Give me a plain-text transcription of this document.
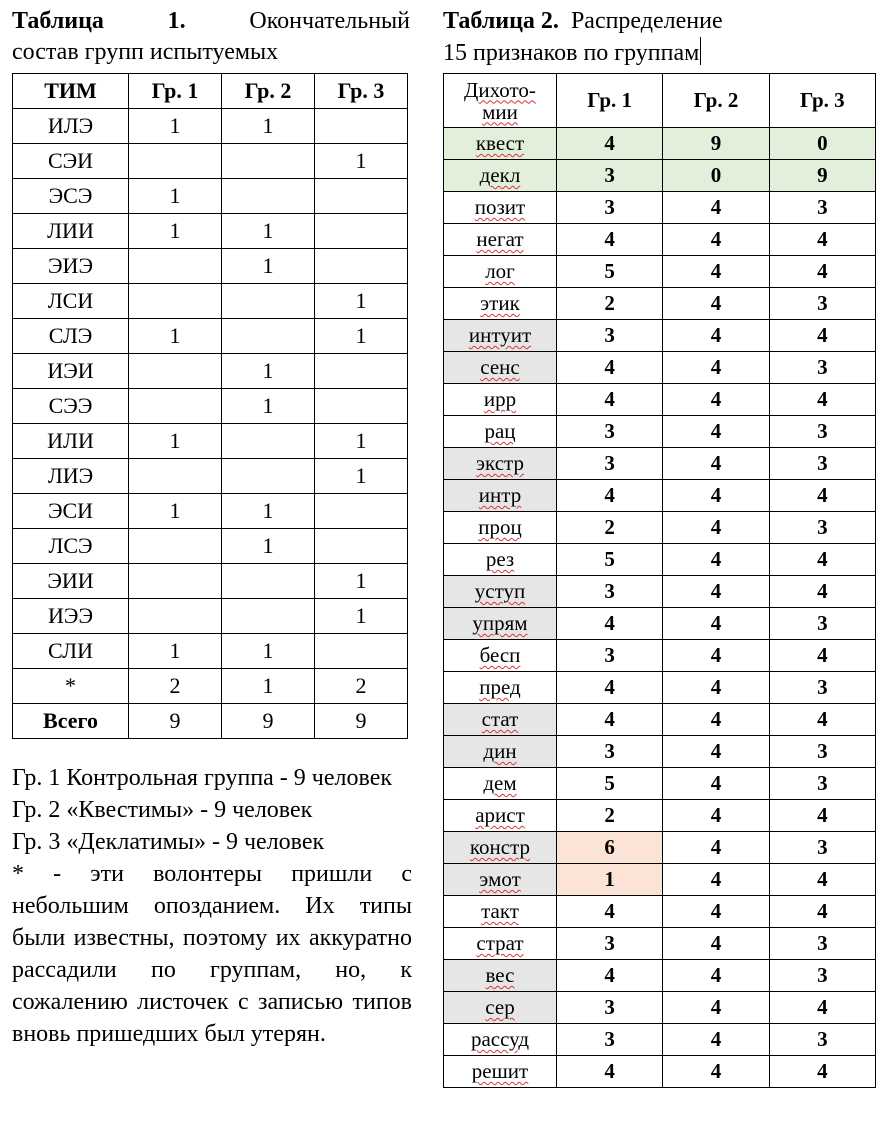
Таблица 1.	Окончательный

состав групп испытуемых

ТИМ	Гр. 1	Гр. 2	Гр. 3
ИЛЭ	1	1	
СЭИ			1
ЭСЭ	1		
ЛИИ	1	1	
ЭИЭ		1	
ЛСИ			1
СЛЭ	1		1
ИЭИ		1	
СЭЭ		1	
ИЛИ	1		1
ЛИЭ			1
ЭСИ	1	1	
ЛСЭ		1	
ЭИИ			1
ИЭЭ			1
СЛИ	1	1	
*	2	1	2
Всего	9	9	9

Таблица 2. Распределение

15 признаков по группам

Дихото-
мии	Гр. 1	Гр. 2	Гр. 3
квест	4	9	0
декл	3	0	9
позит	3	4	3
негат	4	4	4
лог	5	4	4
этик	2	4	3
интуит	3	4	4
сенс	4	4	3
ирр	4	4	4
рац	3	4	3
экстр	3	4	3
интр	4	4	4
проц	2	4	3
рез	5	4	4
уступ	3	4	4
упрям	4	4	3
бесп	3	4	4
пред	4	4	3
стат	4	4	4
дин	3	4	3
дем	5	4	3
арист	2	4	4
констр	6	4	3
эмот	1	4	4
такт	4	4	4
страт	3	4	3
вес	4	4	3
сер	3	4	4
рассуд	3	4	3
решит	4	4	4

Гр. 1 Контрольная группа - 9 человек

Гр. 2 «Квестимы» - 9 человек

Гр. 3 «Деклатимы» - 9 человек

* - эти волонтеры пришли с небольшим опозданием. Их типы были известны, поэтому их аккуратно рассадили по группам, но, к сожалению листочек с записью типов вновь пришедших был утерян.
